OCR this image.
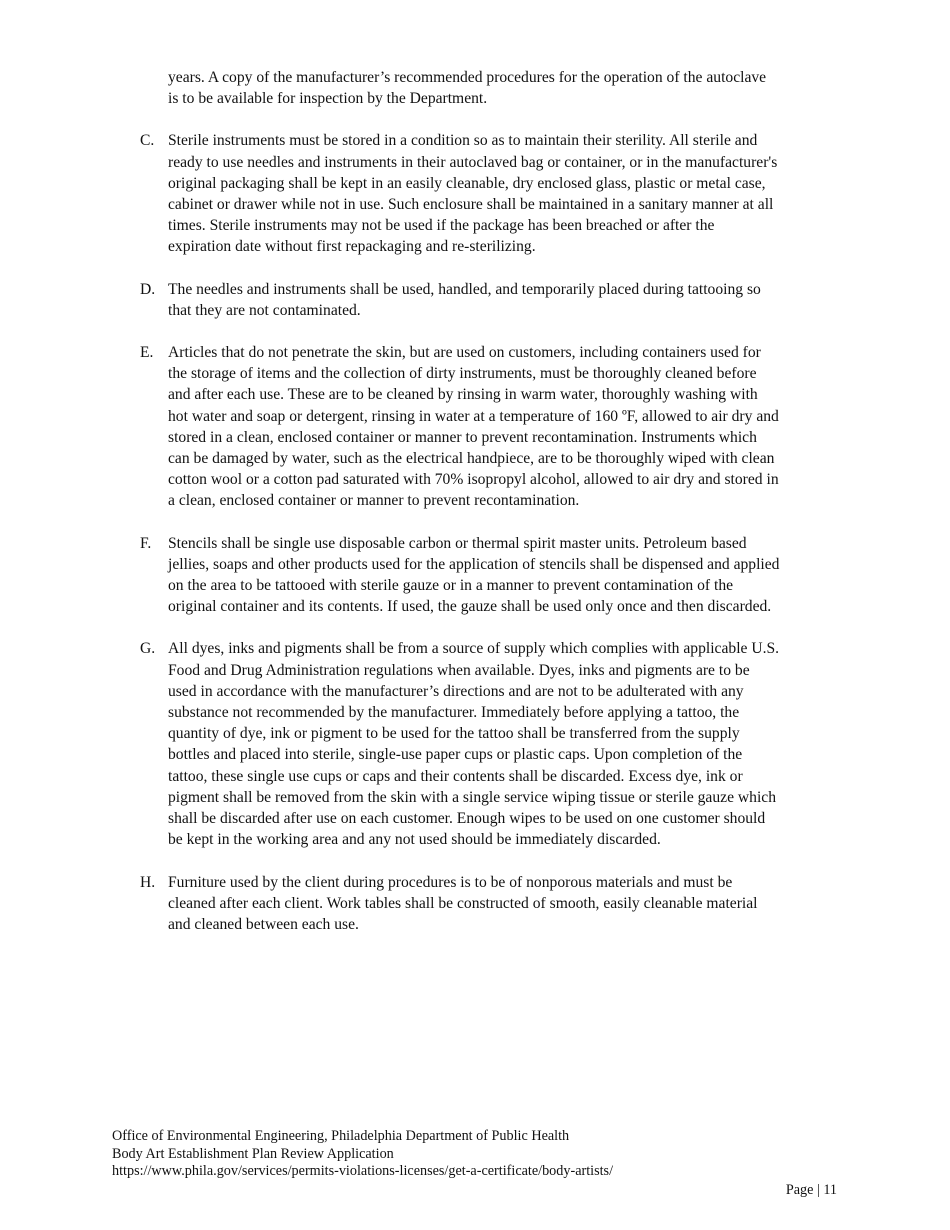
years. A copy of the manufacturer’s recommended procedures for the operation of the autoclave
is to be available for inspection by the Department.
C. Sterile instruments must be stored in a condition so as to maintain their sterility. All sterile and
ready to use needles and instruments in their autoclaved bag or container, or in the manufacturer's
original packaging shall be kept in an easily cleanable, dry enclosed glass, plastic or metal case,
cabinet or drawer while not in use. Such enclosure shall be maintained in a sanitary manner at all
times. Sterile instruments may not be used if the package has been breached or after the
expiration date without first repackaging and re-sterilizing.
D. The needles and instruments shall be used, handled, and temporarily placed during tattooing so
that they are not contaminated.
E. Articles that do not penetrate the skin, but are used on customers, including containers used for
the storage of items and the collection of dirty instruments, must be thoroughly cleaned before
and after each use. These are to be cleaned by rinsing in warm water, thoroughly washing with
hot water and soap or detergent, rinsing in water at a temperature of 160 ºF, allowed to air dry and
stored in a clean, enclosed container or manner to prevent recontamination. Instruments which
can be damaged by water, such as the electrical handpiece, are to be thoroughly wiped with clean
cotton wool or a cotton pad saturated with 70% isopropyl alcohol, allowed to air dry and stored in
a clean, enclosed container or manner to prevent recontamination.
F.	Stencils shall be single use disposable carbon or thermal spirit master units. Petroleum based
jellies, soaps and other products used for the application of stencils shall be dispensed and applied
on the area to be tattooed with sterile gauze or in a manner to prevent contamination of the
original container and its contents. If used, the gauze shall be used only once and then discarded.
G. All dyes, inks and pigments shall be from a source of supply which complies with applicable U.S.
Food and Drug Administration regulations when available. Dyes, inks and pigments are to be
used in accordance with the manufacturer’s directions and are not to be adulterated with any
substance not recommended by the manufacturer. Immediately before applying a tattoo, the
quantity of dye, ink or pigment to be used for the tattoo shall be transferred from the supply
bottles and placed into sterile, single-use paper cups or plastic caps. Upon completion of the
tattoo, these single use cups or caps and their contents shall be discarded. Excess dye, ink or
pigment shall be removed from the skin with a single service wiping tissue or sterile gauze which
shall be discarded after use on each customer. Enough wipes to be used on one customer should
be kept in the working area and any not used should be immediately discarded.
H. Furniture used by the client during procedures is to be of nonporous materials and must be
cleaned after each client. Work tables shall be constructed of smooth, easily cleanable material
and cleaned between each use.
Office of Environmental Engineering, Philadelphia Department of Public Health
Body Art Establishment Plan Review Application
https://www.phila.gov/services/permits-violations-licenses/get-a-certificate/body-artists/
Page | 11
